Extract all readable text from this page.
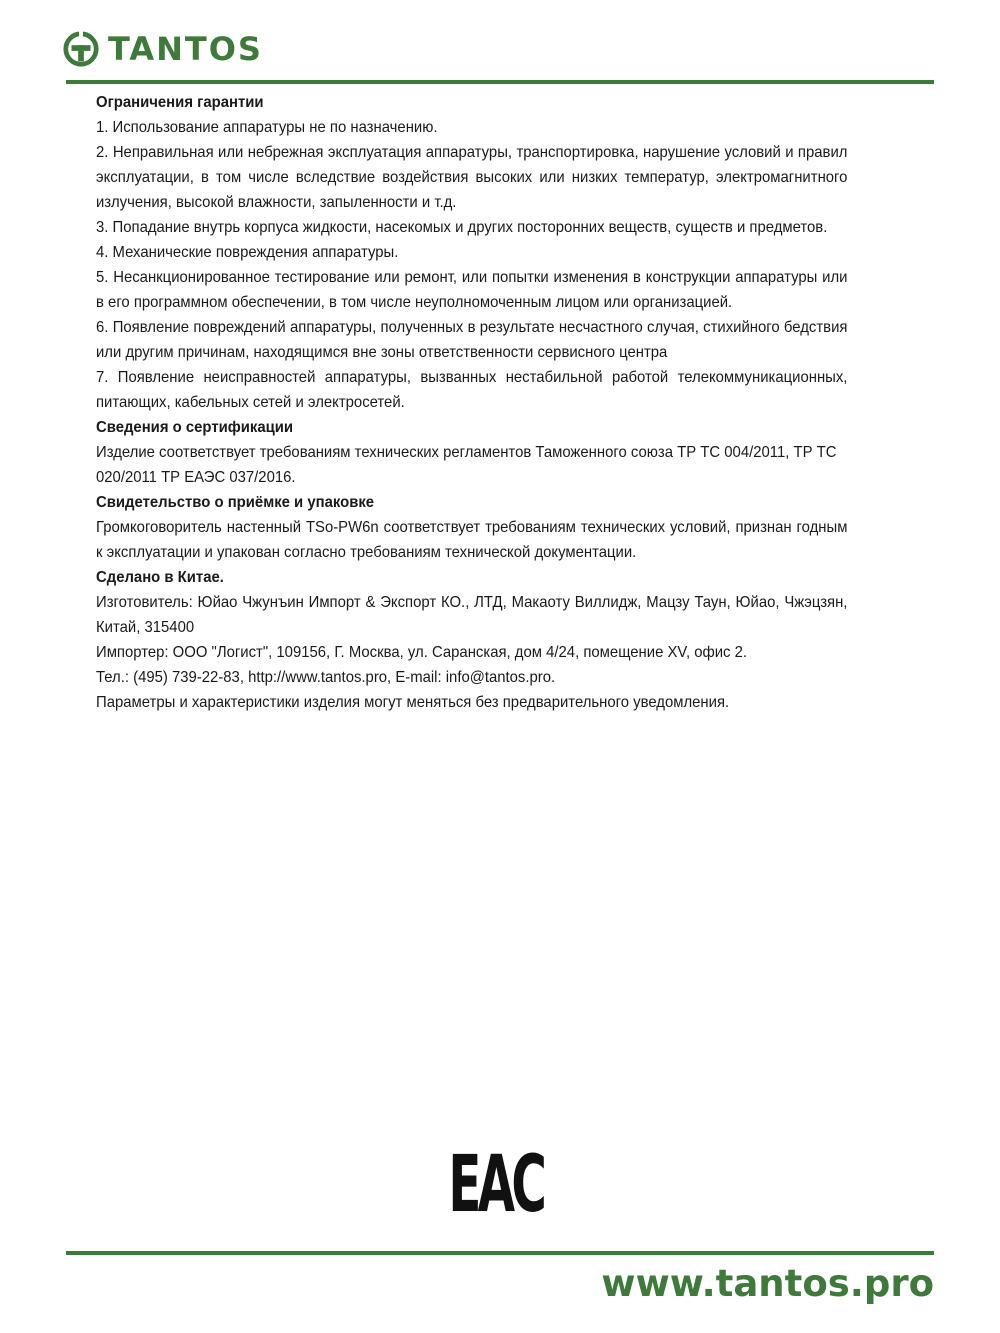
TANTOS

Ограничения гарантии

1. Использование аппаратуры не по назначению.

2. Неправильная или небрежная эксплуатация аппаратуры, транспортировка, нарушение условий и правил эксплуатации, в том числе вследствие воздействия высоких или низких температур, электромагнитного излучения, высокой влажности, запыленности и т.д.

3. Попадание внутрь корпуса жидкости, насекомых и других посторонних веществ, существ и предметов.

4. Механические повреждения аппаратуры.

5. Несанкционированное тестирование или ремонт, или попытки изменения в конструкции аппаратуры или в его программном обеспечении, в том числе неуполномоченным лицом или организацией.

6. Появление повреждений аппаратуры, полученных в результате несчастного случая, стихийного бедствия или другим причинам, находящимся вне зоны ответственности сервисного центра

7. Появление неисправностей аппаратуры, вызванных нестабильной работой телекоммуникационных, питающих, кабельных сетей и электросетей.

Сведения о сертификации

Изделие соответствует требованиям технических регламентов Таможенного союза ТР ТС 004/2011, ТР ТС

020/2011 ТР ЕАЭС 037/2016.

Свидетельство о приёмке и упаковке

Громкоговоритель настенный TSo-PW6n соответствует требованиям технических условий, признан годным к эксплуатации и упакован согласно требованиям технической документации.

Сделано в Китае.

Изготовитель: Юйао Чжунъин Импорт & Экспорт КО., ЛТД, Макаоту Виллидж, Мацзу Таун, Юйао, Чжэцзян, Китай, 315400

Импортер: ООО "Логист", 109156, Г. Москва, ул. Саранская, дом 4/24, помещение XV, офис 2.

Тел.: (495) 739-22-83, http://www.tantos.pro, E-mail: info@tantos.pro.

Параметры и характеристики изделия могут меняться без предварительного уведомления.

EAC
www.tantos.pro
